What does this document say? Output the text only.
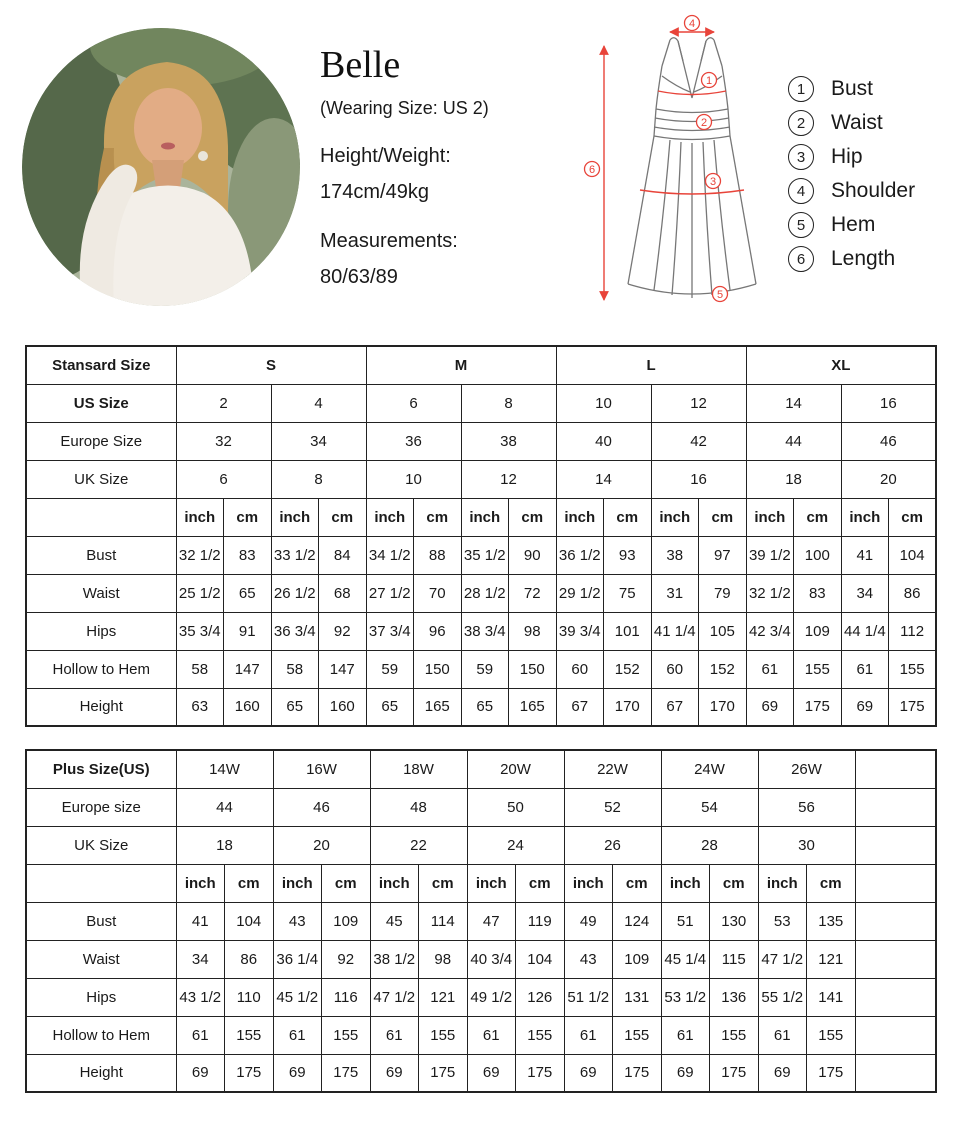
Belle
(Wearing Size: US 2)
Height/Weight:
174cm/49kg
Measurements:
80/63/89
4
1
2
3
5
6
1	Bust
2	Waist
3	Hip
4	Shoulder
5	Hem
6	Length
Stansard Size	S				M				L				XL			
US Size	2		4		6		8		10		12		14		16	
Europe Size	32		34		36		38		40		42		44		46	
UK Size	6		8		10		12		14		16		18		20	
	inch	cm	inch	cm	inch	cm	inch	cm	inch	cm	inch	cm	inch	cm	inch	cm
Bust	32 1/2	83	33 1/2	84	34 1/2	88	35 1/2	90	36 1/2	93	38	97	39 1/2	100	41	104
Waist	25 1/2	65	26 1/2	68	27 1/2	70	28 1/2	72	29 1/2	75	31	79	32 1/2	83	34	86
Hips	35 3/4	91	36 3/4	92	37 3/4	96	38 3/4	98	39 3/4	101	41 1/4	105	42 3/4	109	44 1/4	112
Hollow to Hem	58	147	58	147	59	150	59	150	60	152	60	152	61	155	61	155
Height	63	160	65	160	65	165	65	165	67	170	67	170	69	175	69	175
Plus Size(US)	14W		16W		18W		20W		22W		24W		26W		
Europe size	44		46		48		50		52		54		56		
UK Size	18		20		22		24		26		28		30		
	inch	cm	inch	cm	inch	cm	inch	cm	inch	cm	inch	cm	inch	cm	
Bust	41	104	43	109	45	114	47	119	49	124	51	130	53	135	
Waist	34	86	36 1/4	92	38 1/2	98	40 3/4	104	43	109	45 1/4	115	47 1/2	121	
Hips	43 1/2	110	45 1/2	116	47 1/2	121	49 1/2	126	51 1/2	131	53 1/2	136	55 1/2	141	
Hollow to Hem	61	155	61	155	61	155	61	155	61	155	61	155	61	155	
Height	69	175	69	175	69	175	69	175	69	175	69	175	69	175	
